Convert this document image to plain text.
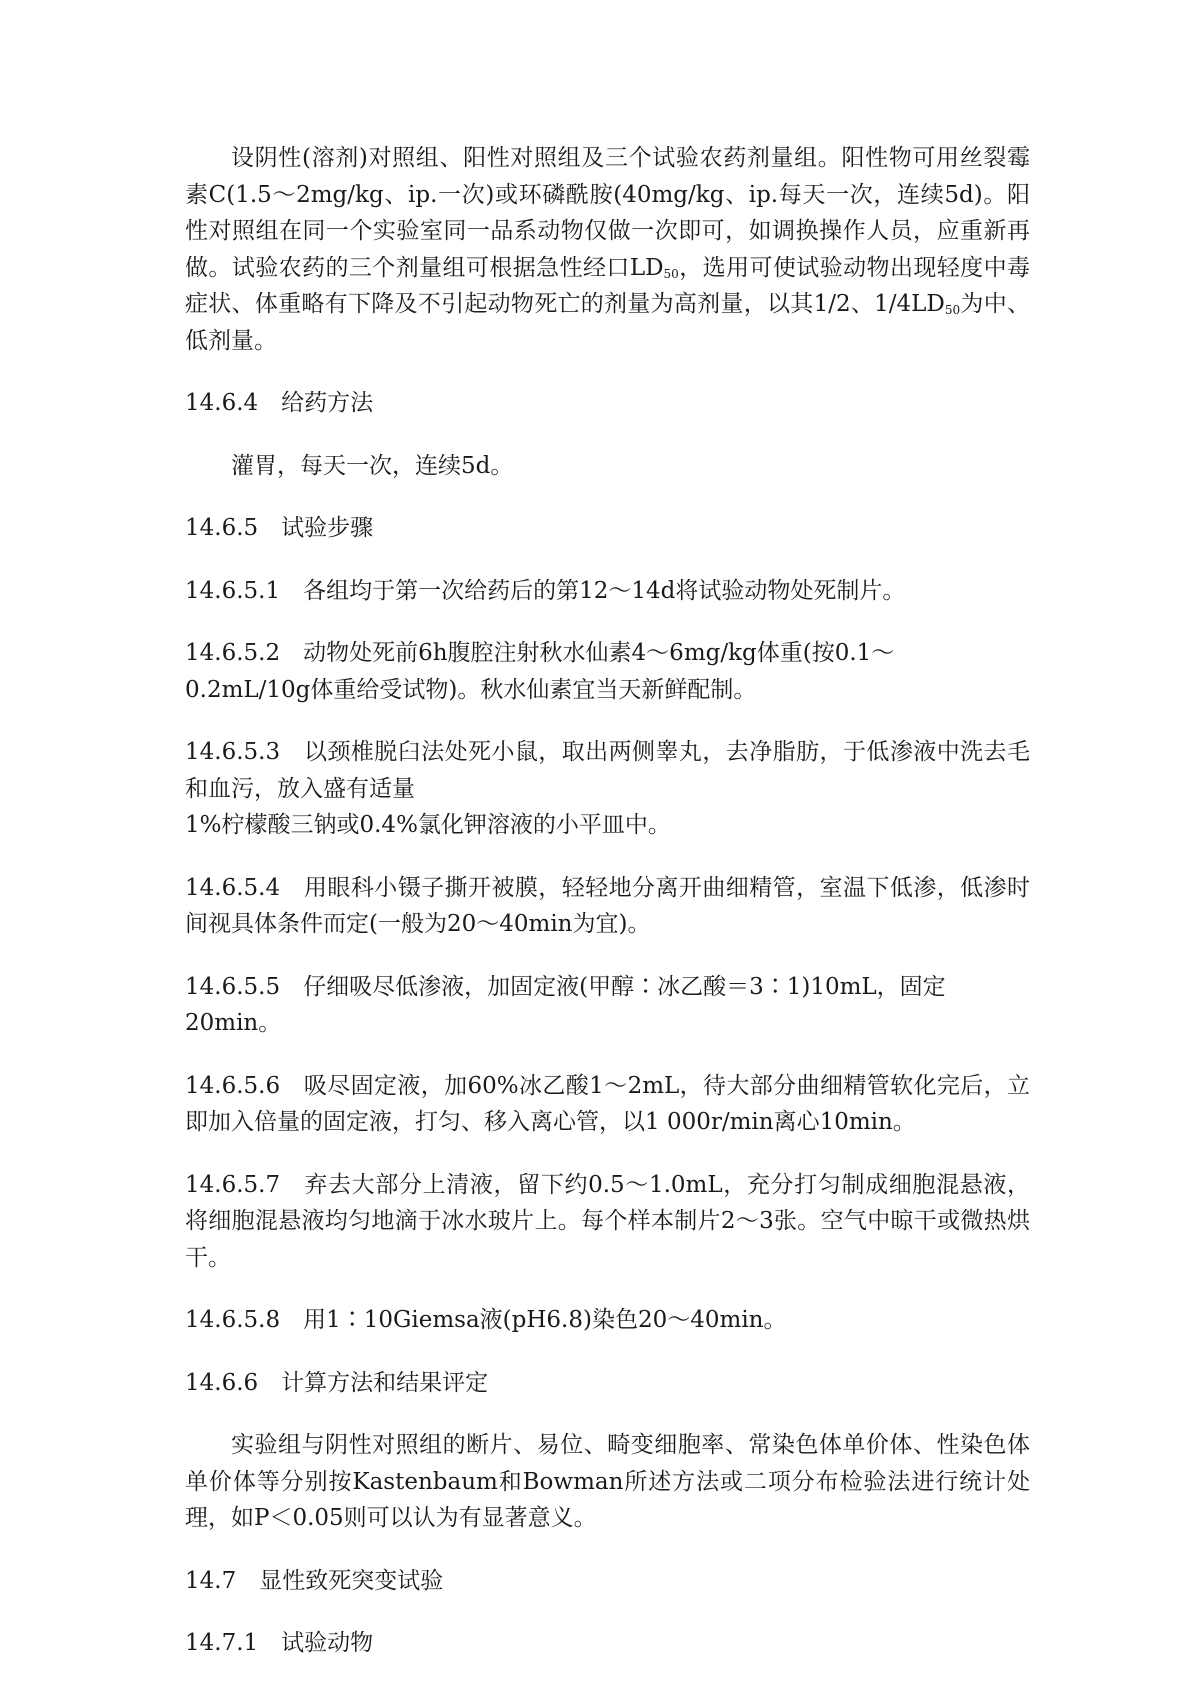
设阴性(溶剂)对照组、阳性对照组及三个试验农药剂量组。阳性物可用丝裂霉素C(1.5～2mg/kg、ip.一次)或环磷酰胺(40mg/kg、ip.每天一次，连续5d)。阳性对照组在同一个实验室同一品系动物仅做一次即可，如调换操作人员，应重新再做。试验农药的三个剂量组可根据急性经口$LD_{50}$，选用可使试验动物出现轻度中毒症状、体重略有下降及不引起动物死亡的剂量为高剂量，以其1/2、$1/4LD_{50}$为中、低剂量。

14.6.4　给药方法

灌胃，每天一次，连续5d。

14.6.5　试验步骤

14.6.5.1　各组均于第一次给药后的第12～14d将试验动物处死制片。

14.6.5.2　动物处死前6h腹腔注射秋水仙素4～6mg/kg体重(按0.1～

0.2mL/10g体重给受试物)。秋水仙素宜当天新鲜配制。

14.6.5.3　以颈椎脱臼法处死小鼠，取出两侧睾丸，去净脂肪，于低渗液中洗去毛和血污，放入盛有适量

1%柠檬酸三钠或0.4%氯化钾溶液的小平皿中。

14.6.5.4　用眼科小镊子撕开被膜，轻轻地分离开曲细精管，室温下低渗，低渗时间视具体条件而定(一般为20～40min为宜)。

14.6.5.5　仔细吸尽低渗液，加固定液(甲醇∶冰乙酸＝3∶1)10mL，固定20min。

14.6.5.6　吸尽固定液，加60%冰乙酸1～2mL，待大部分曲细精管软化完后，立即加入倍量的固定液，打匀、移入离心管，以1 000r/min离心10min。

14.6.5.7　弃去大部分上清液，留下约0.5～1.0mL，充分打匀制成细胞混悬液，将细胞混悬液均匀地滴于冰水玻片上。每个样本制片2～3张。空气中晾干或微热烘干。

14.6.5.8　用1∶10Giemsa液(pH6.8)染色20～40min。

14.6.6　计算方法和结果评定

实验组与阴性对照组的断片、易位、畸变细胞率、常染色体单价体、性染色体单价体等分别按Kastenbaum和Bowman所述方法或二项分布检验法进行统计处理，如P＜0.05则可以认为有显著意义。

14.7　显性致死突变试验

14.7.1　试验动物
